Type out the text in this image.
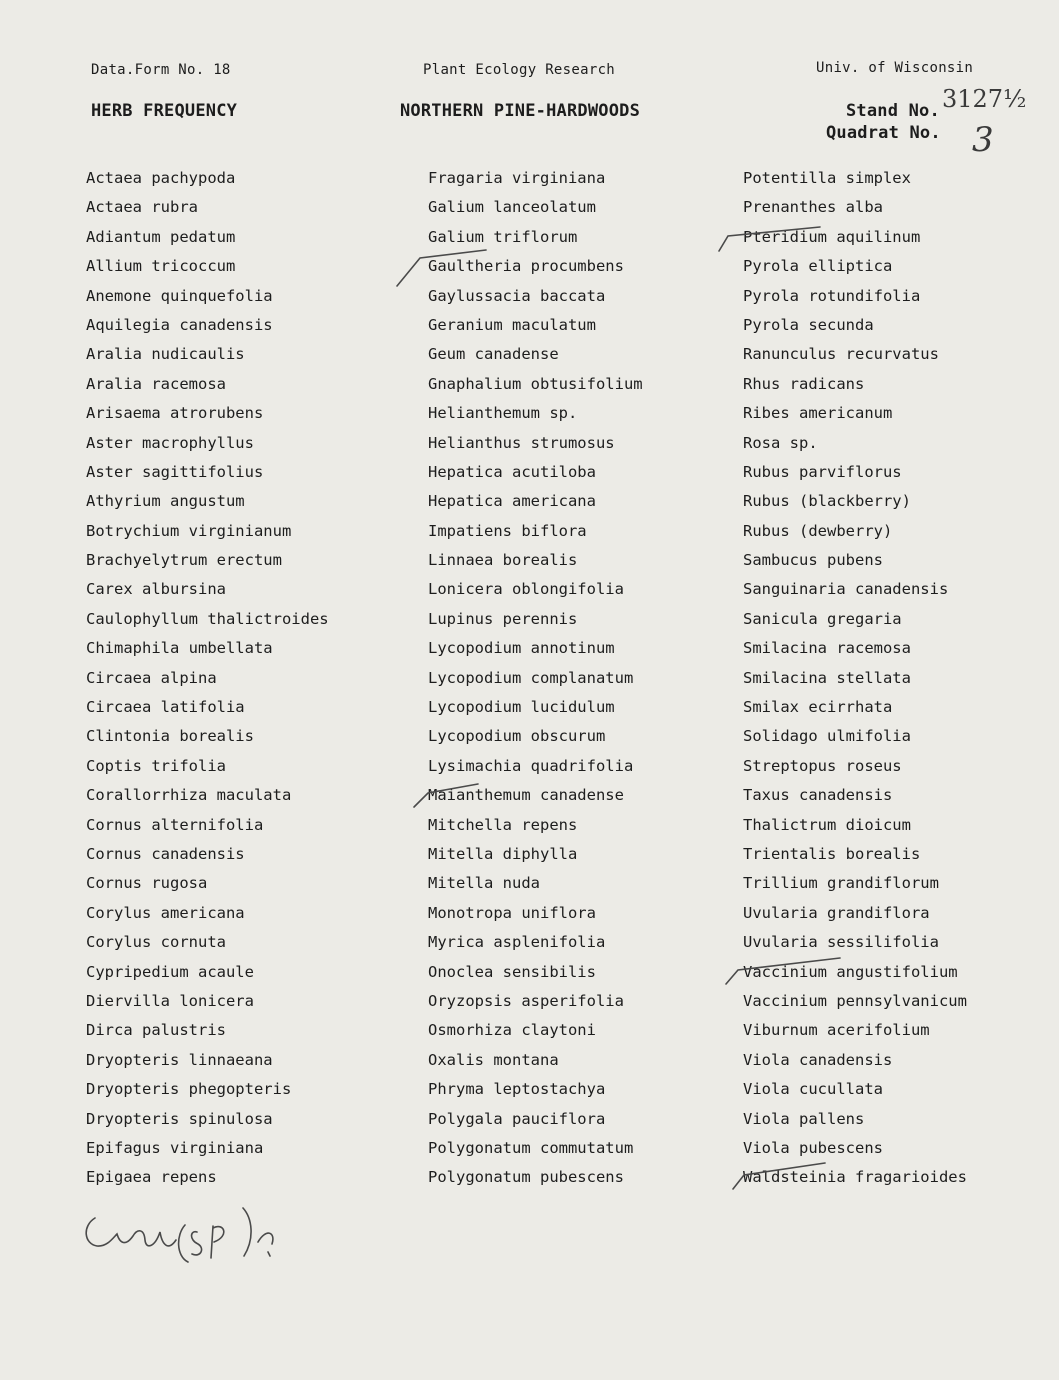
Data.Form No. 18	Plant Ecology Research	Univ. of Wisconsin
HERB FREQUENCY	NORTHERN PINE-HARDWOODS	Stand No. 3127½
Quadrat No. 3
Actaea pachypoda
Actaea rubra
Adiantum pedatum
Allium tricoccum
Anemone quinquefolia
Aquilegia canadensis
Aralia nudicaulis
Aralia racemosa
Arisaema atrorubens
Aster macrophyllus
Aster sagittifolius
Athyrium angustum
Botrychium virginianum
Brachyelytrum erectum
Carex albursina
Caulophyllum thalictroides
Chimaphila umbellata
Circaea alpina
Circaea latifolia
Clintonia borealis
Coptis trifolia
Corallorrhiza maculata
Cornus alternifolia
Cornus canadensis
Cornus rugosa
Corylus americana
Corylus cornuta
Cypripedium acaule
Diervilla lonicera
Dirca palustris
Dryopteris linnaeana
Dryopteris phegopteris
Dryopteris spinulosa
Epifagus virginiana
Epigaea repens
Fragaria virginiana
Galium lanceolatum
Galium triflorum
Gaultheria procumbens
Gaylussacia baccata
Geranium maculatum
Geum canadense
Gnaphalium obtusifolium
Helianthemum sp.
Helianthus strumosus
Hepatica acutiloba
Hepatica americana
Impatiens biflora
Linnaea borealis
Lonicera oblongifolia
Lupinus perennis
Lycopodium annotinum
Lycopodium complanatum
Lycopodium lucidulum
Lycopodium obscurum
Lysimachia quadrifolia
Maianthemum canadense
Mitchella repens
Mitella diphylla
Mitella nuda
Monotropa uniflora
Myrica asplenifolia
Onoclea sensibilis
Oryzopsis asperifolia
Osmorhiza claytoni
Oxalis montana
Phryma leptostachya
Polygala pauciflora
Polygonatum commutatum
Polygonatum pubescens
Potentilla simplex
Prenanthes alba
Pteridium aquilinum
Pyrola elliptica
Pyrola rotundifolia
Pyrola secunda
Ranunculus recurvatus
Rhus radicans
Ribes americanum
Rosa sp.
Rubus parviflorus
Rubus (blackberry)
Rubus (dewberry)
Sambucus pubens
Sanguinaria canadensis
Sanicula gregaria
Smilacina racemosa
Smilacina stellata
Smilax ecirrhata
Solidago ulmifolia
Streptopus roseus
Taxus canadensis
Thalictrum dioicum
Trientalis borealis
Trillium grandiflorum
Uvularia grandiflora
Uvularia sessilifolia
Vaccinium angustifolium
Vaccinium pennsylvanicum
Viburnum acerifolium
Viola canadensis
Viola cucullata
Viola pallens
Viola pubescens
Waldsteinia fragarioides
